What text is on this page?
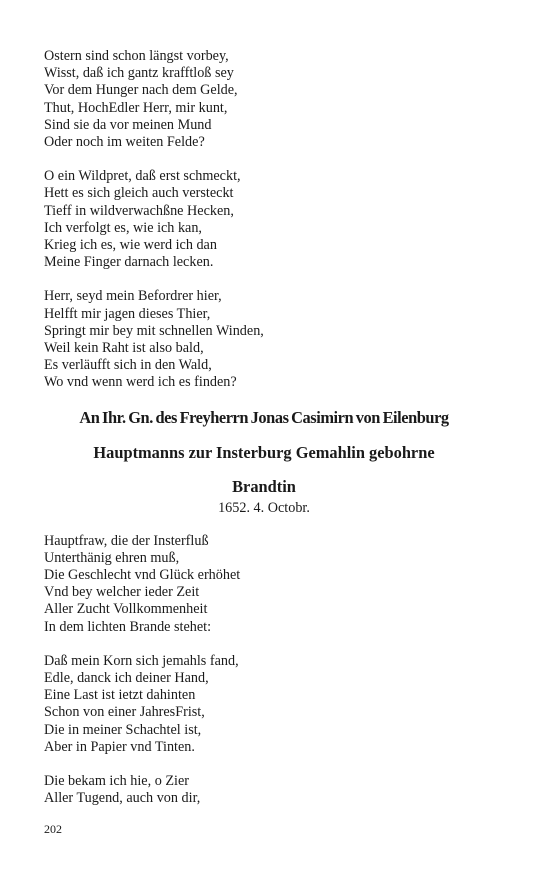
Ostern sind schon längst vorbey,
Wisst, daß ich gantz krafftloß sey
Vor dem Hunger nach dem Gelde,
Thut, HochEdler Herr, mir kunt,
Sind sie da vor meinen Mund
Oder noch im weiten Felde?
O ein Wildpret, daß erst schmeckt,
Hett es sich gleich auch versteckt
Tieff in wildverwachßne Hecken,
Ich verfolgt es, wie ich kan,
Krieg ich es, wie werd ich dan
Meine Finger darnach lecken.
Herr, seyd mein Befordrer hier,
Helfft mir jagen dieses Thier,
Springt mir bey mit schnellen Winden,
Weil kein Raht ist also bald,
Es verläufft sich in den Wald,
Wo vnd wenn werd ich es finden?
An Ihr. Gn. des Freyherrn Jonas Casimirn von Eilenburg
Hauptmanns zur Insterburg Gemahlin gebohrne
Brandtin
1652. 4. Octobr.
Hauptfraw, die der Insterfluß
Unterthänig ehren muß,
Die Geschlecht vnd Glück erhöhet
Vnd bey welcher ieder Zeit
Aller Zucht Vollkommenheit
In dem lichten Brande stehet:
Daß mein Korn sich jemahls fand,
Edle, danck ich deiner Hand,
Eine Last ist ietzt dahinten
Schon von einer JahresFrist,
Die in meiner Schachtel ist,
Aber in Papier vnd Tinten.
Die bekam ich hie, o Zier
Aller Tugend, auch von dir,
202
